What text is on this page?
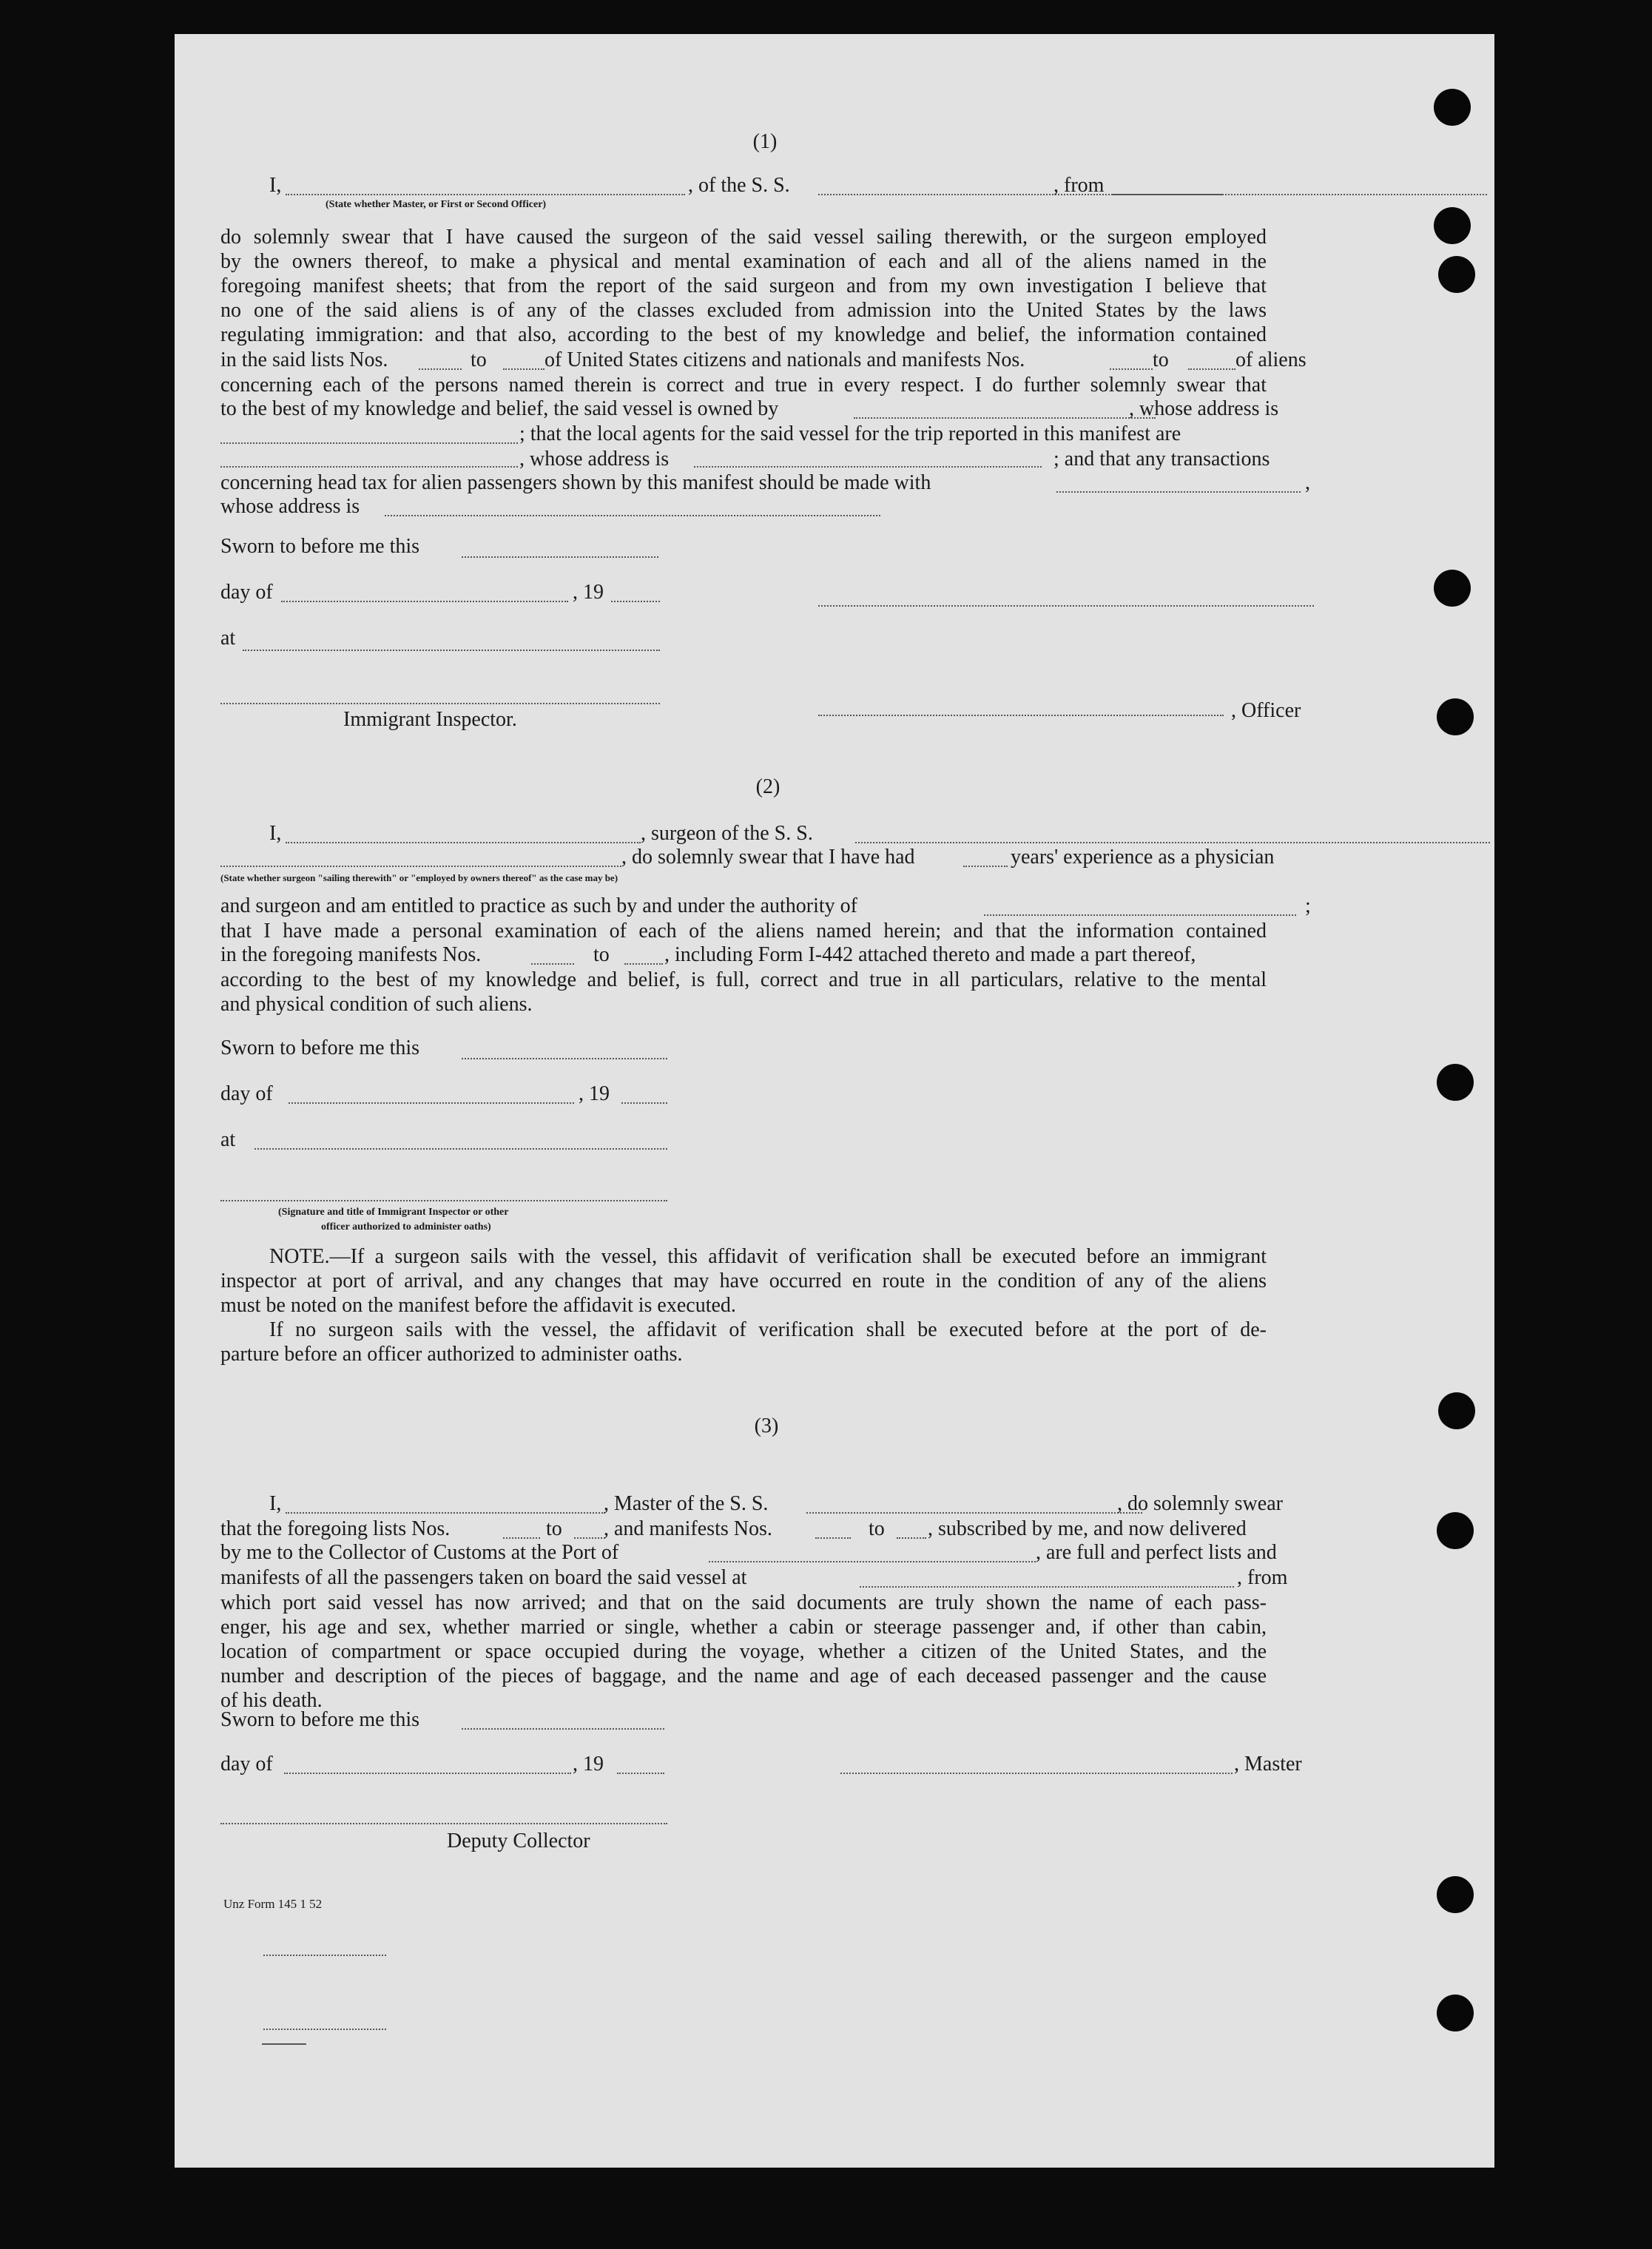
(1)
I,	, of the S. S.	, from
(State whether Master, or First or Second Officer)
do solemnly swear that I have caused the surgeon of the said vessel sailing therewith, or the surgeon employed
by the owners thereof, to make a physical and mental examination of each and all of the aliens named in the
foregoing manifest sheets; that from the report of the said surgeon and from my own investigation I believe that
no one of the said aliens is of any of the classes excluded from admission into the United States by the laws
regulating immigration: and that also, according to the best of my knowledge and belief, the information contained
in the said lists Nos.	to	of United States citizens and nationals and manifests Nos.	to	of aliens
concerning each of the persons named therein is correct and true in every respect. I do further solemnly swear that
to the best of my knowledge and belief, the said vessel is owned by	, whose address is
; that the local agents for the said vessel for the trip reported in this manifest are
, whose address is	; and that any transactions
concerning head tax for alien passengers shown by this manifest should be made with	,
whose address is
Sworn to before me this
day of	, 19
at
Immigrant Inspector.	, Officer
(2)
I,	, surgeon of the S. S.
, do solemnly swear that I have had	years' experience as a physician
(State whether surgeon "sailing therewith" or "employed by owners thereof" as the case may be)
and surgeon and am entitled to practice as such by and under the authority of	;
that I have made a personal examination of each of the aliens named herein; and that the information contained
in the foregoing manifests Nos.	to	, including Form I-442 attached thereto and made a part thereof,
according to the best of my knowledge and belief, is full, correct and true in all particulars, relative to the mental
and physical condition of such aliens.
Sworn to before me this
day of	, 19
at
(Signature and title of Immigrant Inspector or other
officer authorized to administer oaths)
NOTE.—If a surgeon sails with the vessel, this affidavit of verification shall be executed before an immigrant
inspector at port of arrival, and any changes that may have occurred en route in the condition of any of the aliens
must be noted on the manifest before the affidavit is executed.
If no surgeon sails with the vessel, the affidavit of verification shall be executed before at the port of de-
parture before an officer authorized to administer oaths.
(3)
I,	, Master of the S. S.	, do solemnly swear
that the foregoing lists Nos.	to , and manifests Nos.	to , subscribed by me, and now delivered
by me to the Collector of Customs at the Port of	, are full and perfect lists and
manifests of all the passengers taken on board the said vessel at	, from
which port said vessel has now arrived; and that on the said documents are truly shown the name of each pass-
enger, his age and sex, whether married or single, whether a cabin or steerage passenger and, if other than cabin,
location of compartment or space occupied during the voyage, whether a citizen of the United States, and the
number and description of the pieces of baggage, and the name and age of each deceased passenger and the cause
of his death.
Sworn to before me this
day of	, 19	, Master
Deputy Collector
Unz Form 145 1 52
